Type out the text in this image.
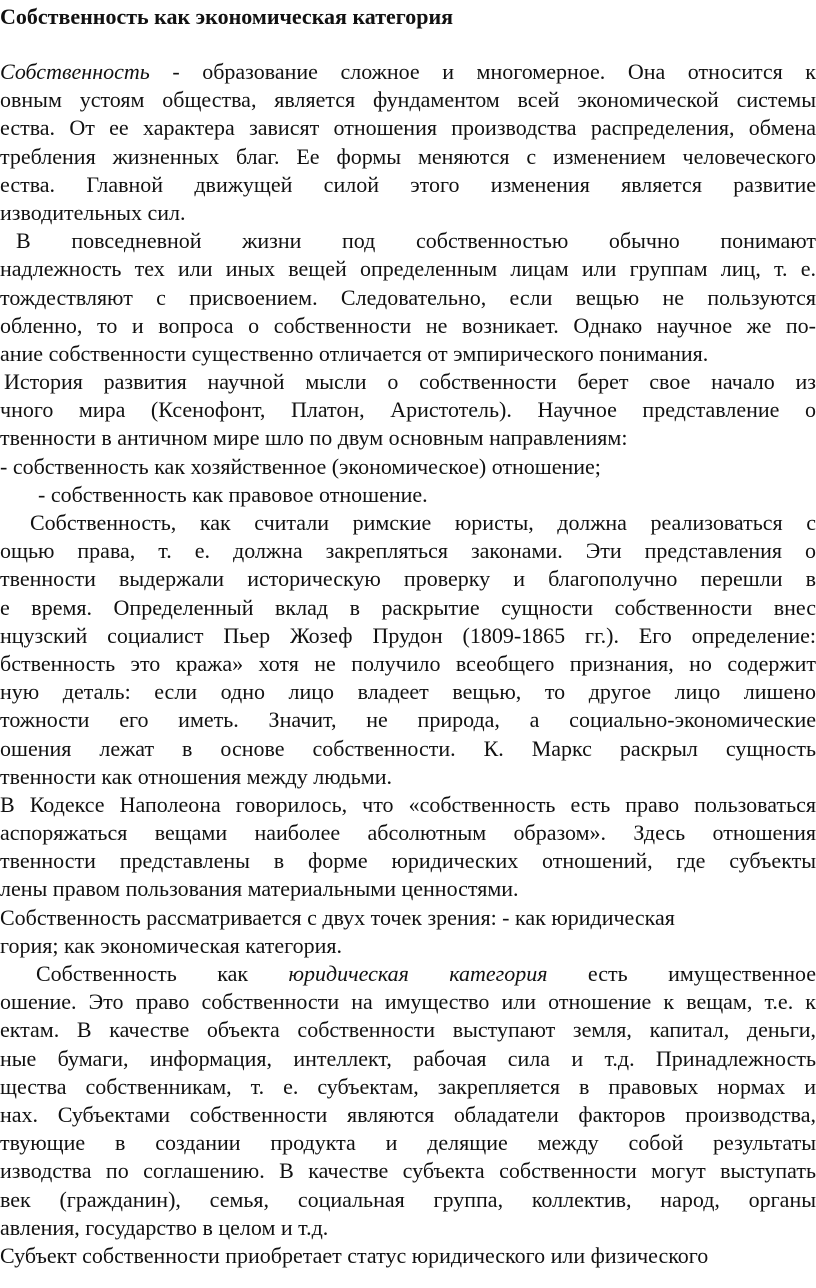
Собственность как экономическая категория
Собственность - образование сложное и многомерное. Она относится к
овным устоям общества, является фундаментом всей экономической системы
ества. От ее характера зависят отношения производства распределения, обмена
требления жизненных благ. Ее формы меняются с изменением человеческого
ества. Главной движущей силой этого изменения является развитие
изводительных сил.
В повседневной жизни под собственностью обычно понимают
надлежность тех или иных вещей определенным лицам или группам лиц, т. е.
тождествляют с присвоением. Следовательно, если вещью не пользуются
обленно, то и вопроса о собственности не возникает. Однако научное же по-
ание собственности существенно отличается от эмпирического понимания.
История развития научной мысли о собственности берет свое начало из
чного мира (Ксенофонт, Платон, Аристотель). Научное представление о
твенности в античном мире шло по двум основным направлениям:
- собственность как хозяйственное (экономическое) отношение;
- собственность как правовое отношение.
Собственность, как считали римские юристы, должна реализоваться с
ощью права, т. е. должна закрепляться законами. Эти представления о
твенности выдержали историческую проверку и благополучно перешли в
е время. Определенный вклад в раскрытие сущности собственности внес
нцузский социалист Пьер Жозеф Прудон (1809-1865 гг.). Его определение:
бственность это кража» хотя не получило всеобщего признания, но содержит
ную деталь: если одно лицо владеет вещью, то другое лицо лишено
тожности его иметь. Значит, не природа, а социально-экономические
ошения лежат в основе собственности. К. Маркс раскрыл сущность
твенности как отношения между людьми.
В Кодексе Наполеона говорилось, что «собственность есть право пользоваться
аспоряжаться вещами наиболее абсолютным образом». Здесь отношения
твенности представлены в форме юридических отношений, где субъекты
лены правом пользования материальными ценностями.
Собственность рассматривается с двух точек зрения: - как юридическая
гория; как экономическая категория.
Собственность как юридическая категория есть имущественное
ошение. Это право собственности на имущество или отношение к вещам, т.е. к
ектам. В качестве объекта собственности выступают земля, капитал, деньги,
ные бумаги, информация, интеллект, рабочая сила и т.д. Принадлежность
щества собственникам, т. е. субъектам, закрепляется в правовых нормах и
нах. Субъектами собственности являются обладатели факторов производства,
твующие в создании продукта и делящие между собой результаты
изводства по соглашению. В качестве субъекта собственности могут выступать
век (гражданин), семья, социальная группа, коллектив, народ, органы
авления, государство в целом и т.д.
Субъект собственности приобретает статус юридического или физического
